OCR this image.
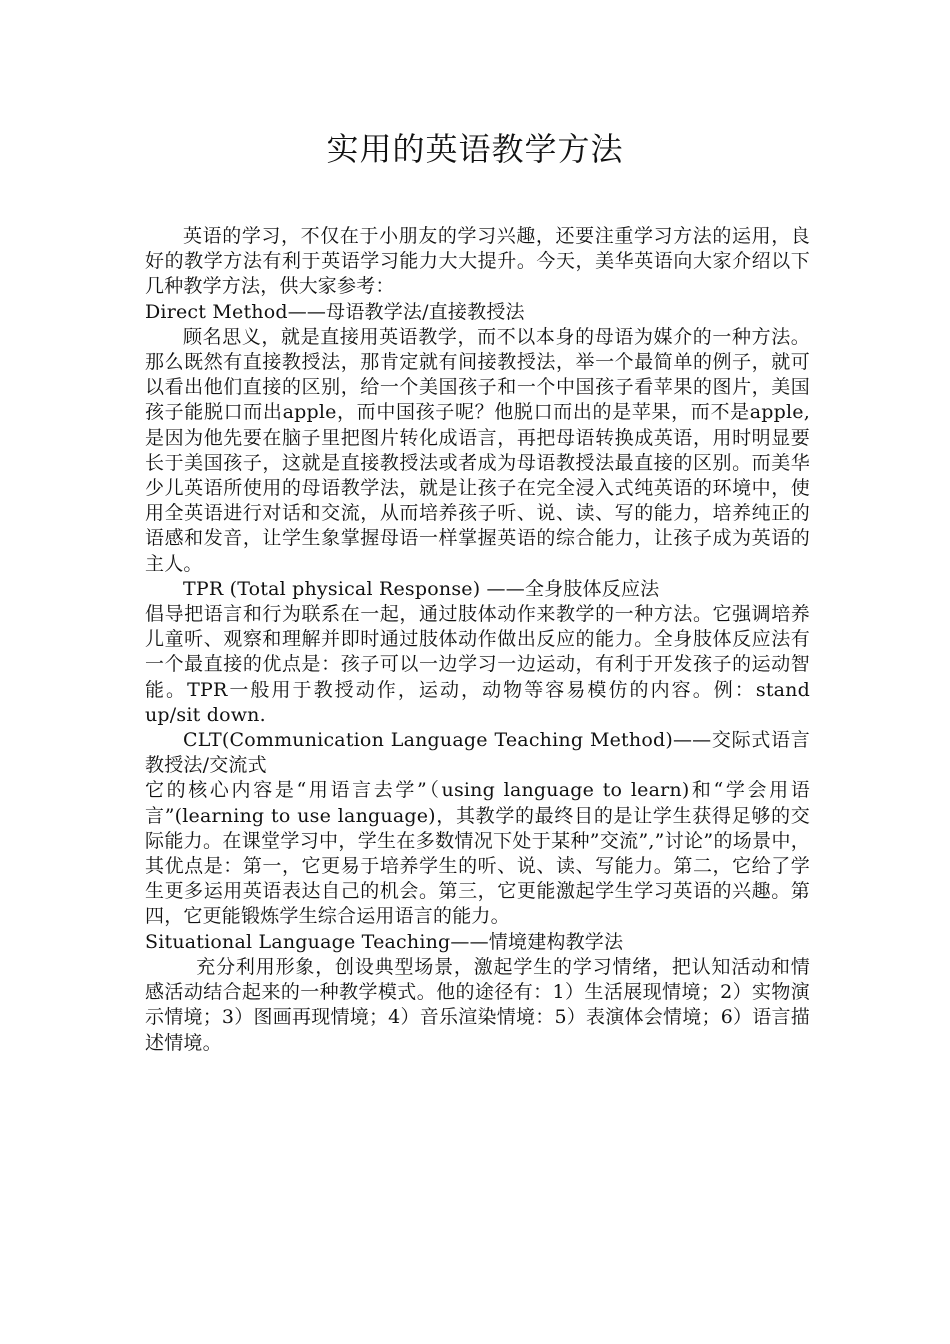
实用的英语教学方法

英语的学习，不仅在于小朋友的学习兴趣，还要注重学习方法的运用，良好的教学方法有利于英语学习能力大大提升。今天，美华英语向大家介绍以下几种教学方法，供大家参考：

Direct Method——母语教学法/直接教授法

顾名思义，就是直接用英语教学，而不以本身的母语为媒介的一种方法。那么既然有直接教授法，那肯定就有间接教授法，举一个最简单的例子，就可以看出他们直接的区别，给一个美国孩子和一个中国孩子看苹果的图片，美国孩子能脱口而出apple，而中国孩子呢？他脱口而出的是苹果，而不是apple, 是因为他先要在脑子里把图片转化成语言，再把母语转换成英语，用时明显要长于美国孩子，这就是直接教授法或者成为母语教授法最直接的区别。而美华少儿英语所使用的母语教学法，就是让孩子在完全浸入式纯英语的环境中，使用全英语进行对话和交流，从而培养孩子听、说、读、写的能力，培养纯正的语感和发音，让学生象掌握母语一样掌握英语的综合能力，让孩子成为英语的主人。

TPR (Total physical Response) ——全身肢体反应法

倡导把语言和行为联系在一起，通过肢体动作来教学的一种方法。它强调培养儿童听、观察和理解并即时通过肢体动作做出反应的能力。全身肢体反应法有一个最直接的优点是：孩子可以一边学习一边运动，有利于开发孩子的运动智能。TPR一般用于教授动作，运动，动物等容易模仿的内容。例：stand up/sit down.

CLT(Communication Language Teaching Method)——交际式语言教授法/交流式

它的核心内容是“用语言去学”（using language to learn)和“学会用语言”(learning to use language)，其教学的最终目的是让学生获得足够的交际能力。在课堂学习中，学生在多数情况下处于某种”交流”,”讨论”的场景中，其优点是：第一，它更易于培养学生的听、说、读、写能力。第二，它给了学生更多运用英语表达自己的机会。第三，它更能激起学生学习英语的兴趣。第四，它更能锻炼学生综合运用语言的能力。

Situational Language Teaching——情境建构教学法

充分利用形象，创设典型场景，激起学生的学习情绪，把认知活动和情感活动结合起来的一种教学模式。他的途径有：1）生活展现情境；2）实物演示情境；3）图画再现情境；4）音乐渲染情境：5）表演体会情境；6）语言描述情境。
